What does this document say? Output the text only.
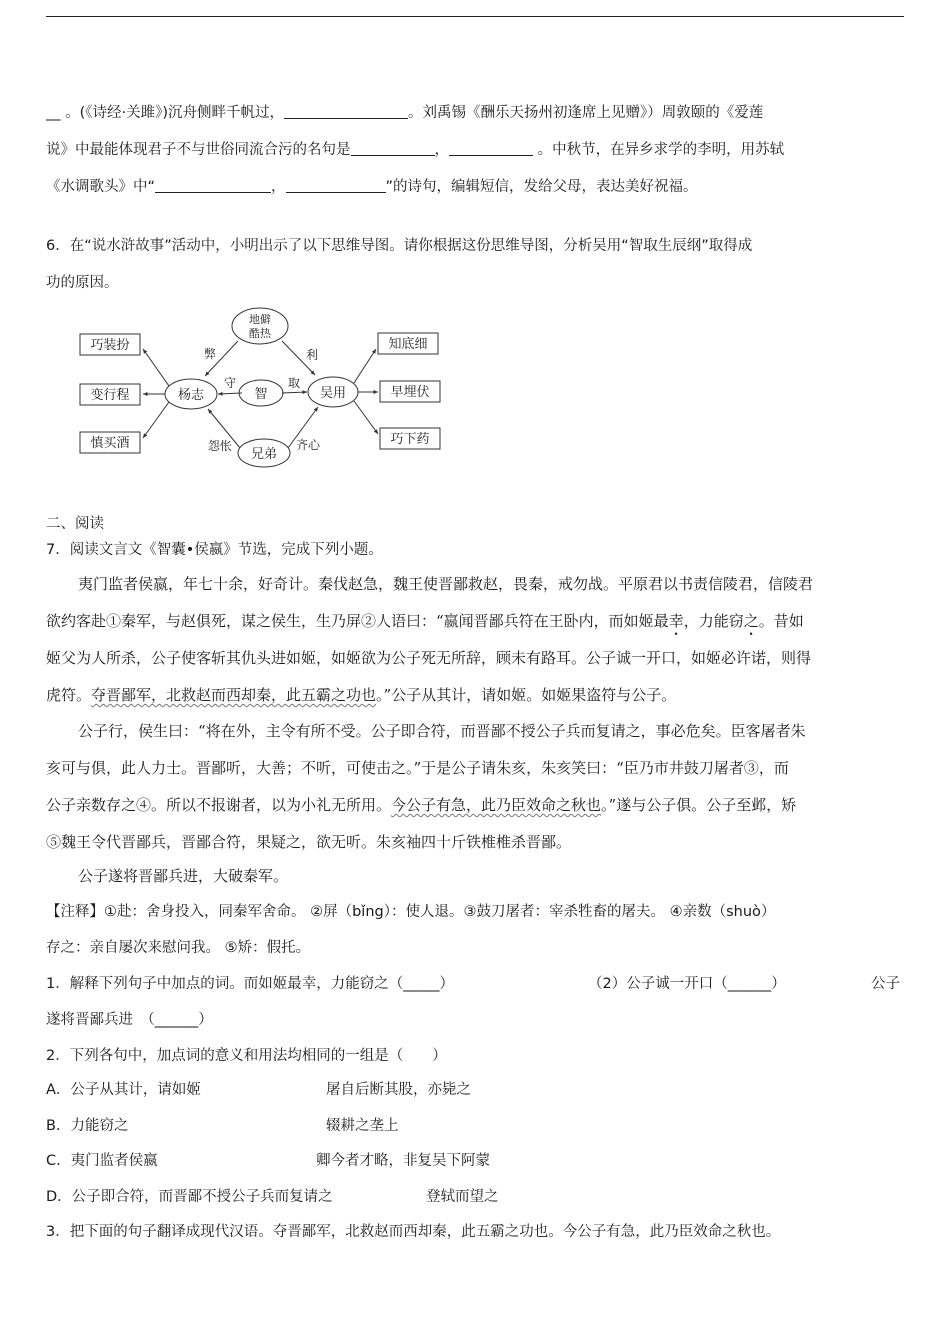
__ 。(《诗经·关雎》)沉舟侧畔千帆过，	。刘禹锡《酬乐天扬州初逢席上见赠》）周敦颐的《爱莲
说》中最能体现君子不与世俗同流合污的名句是	，	。中秋节，在异乡求学的李明，用苏轼
《水调歌头》中“	，	”的诗句，编辑短信，发给父母，表达美好祝福。
6．在“说水浒故事”活动中，小明出示了以下思维导图。请你根据这份思维导图，分析吴用“智取生辰纲”取得成
功的原因。
巧装扮
变行程
慎买酒
知底细
早埋伏
巧下药
地僻
酷热
杨志	智	吴用
兄弟
弊	利
守	取
怨怅	齐心
二、阅读
7．阅读文言文《智囊•侯嬴》节选，完成下列小题。
夷门监者侯嬴，年七十余，好奇计。秦伐赵急，魏王使晋鄙救赵，畏秦，戒勿战。平原君以书责信陵君，信陵君
欲约客赴①秦军，与赵俱死，谋之侯生，生乃屏②人语曰：“嬴闻晋鄙兵符在王卧内，而如姬最幸，力能窃之。昔如
姬父为人所杀，公子使客斩其仇头进如姬，如姬欲为公子死无所辞，顾未有路耳。公子诚一开口，如姬必许诺，则得
虎符。夺晋鄙军，北救赵而西却秦，此五霸之功也。”公子从其计，请如姬。如姬果盗符与公子。
公子行，侯生曰：“将在外，主令有所不受。公子即合符，而晋鄙不授公子兵而复请之，事必危矣。臣客屠者朱
亥可与俱，此人力士。晋鄙听，大善；不听，可使击之。”于是公子请朱亥，朱亥笑曰：“臣乃市井鼓刀屠者③，而
公子亲数存之④。所以不报谢者，以为小礼无所用。今公子有急，此乃臣效命之秋也。”遂与公子俱。公子至邺，矫
⑤魏王令代晋鄙兵，晋鄙合符，果疑之，欲无听。朱亥袖四十斤铁椎椎杀晋鄙。
公子遂将晋鄙兵进，大破秦军。
【注释】①赴：舍身投入，同秦军舍命。 ②屏（bǐng）：使人退。③鼓刀屠者：宰杀牲畜的屠夫。 ④亲数（shuò）
存之：亲自屡次来慰问我。 ⑤矫：假托。
1．解释下列句子中加点的词。而如姬最幸，力能窃之（_____）	（2）公子诚一开口（______）	公子
遂将晋鄙兵进　（______）
2．下列各句中，加点词的意义和用法均相同的一组是（　　）
A．公子从其计，请如姬	屠自后断其股，亦毙之
B．力能窃之	辍耕之垄上
C．夷门监者侯嬴	卿今者才略，非复吴下阿蒙
D．公子即合符，而晋鄙不授公子兵而复请之	登轼而望之
3．把下面的句子翻译成现代汉语。夺晋鄙军，北救赵而西却秦，此五霸之功也。今公子有急，此乃臣效命之秋也。
